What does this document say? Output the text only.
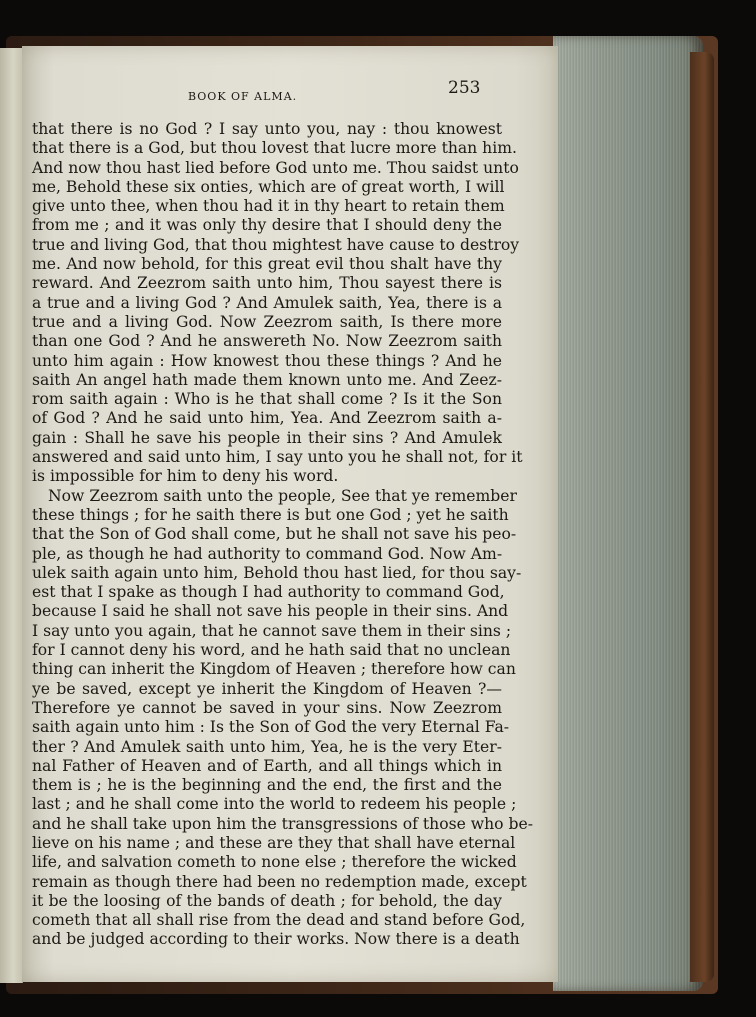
BOOK OF ALMA.	253
that there is no God ? I say unto you, nay : thou knowest
that there is a God, but thou lovest that lucre more than him.
And now thou hast lied before God unto me. Thou saidst unto
me, Behold these six onties, which are of great worth, I will
give unto thee, when thou had it in thy heart to retain them
from me ; and it was only thy desire that I should deny the
true and living God, that thou mightest have cause to destroy
me. And now behold, for this great evil thou shalt have thy
reward. And Zeezrom saith unto him, Thou sayest there is
a true and a living God ? And Amulek saith, Yea, there is a
true and a living God. Now Zeezrom saith, Is there more
than one God ? And he answereth No. Now Zeezrom saith
unto him again : How knowest thou these things ? And he
saith An angel hath made them known unto me. And Zeez-
rom saith again : Who is he that shall come ? Is it the Son
of God ? And he said unto him, Yea. And Zeezrom saith a-
gain : Shall he save his people in their sins ? And Amulek
answered and said unto him, I say unto you he shall not, for it
is impossible for him to deny his word.
Now Zeezrom saith unto the people, See that ye remember
these things ; for he saith there is but one God ; yet he saith
that the Son of God shall come, but he shall not save his peo-
ple, as though he had authority to command God. Now Am-
ulek saith again unto him, Behold thou hast lied, for thou say-
est that I spake as though I had authority to command God,
because I said he shall not save his people in their sins. And
I say unto you again, that he cannot save them in their sins ;
for I cannot deny his word, and he hath said that no unclean
thing can inherit the Kingdom of Heaven ; therefore how can
ye be saved, except ye inherit the Kingdom of Heaven ?—
Therefore ye cannot be saved in your sins. Now Zeezrom
saith again unto him : Is the Son of God the very Eternal Fa-
ther ? And Amulek saith unto him, Yea, he is the very Eter-
nal Father of Heaven and of Earth, and all things which in
them is ; he is the beginning and the end, the first and the
last ; and he shall come into the world to redeem his people ;
and he shall take upon him the transgressions of those who be-
lieve on his name ; and these are they that shall have eternal
life, and salvation cometh to none else ; therefore the wicked
remain as though there had been no redemption made, except
it be the loosing of the bands of death ; for behold, the day
cometh that all shall rise from the dead and stand before God,
and be judged according to their works. Now there is a death
